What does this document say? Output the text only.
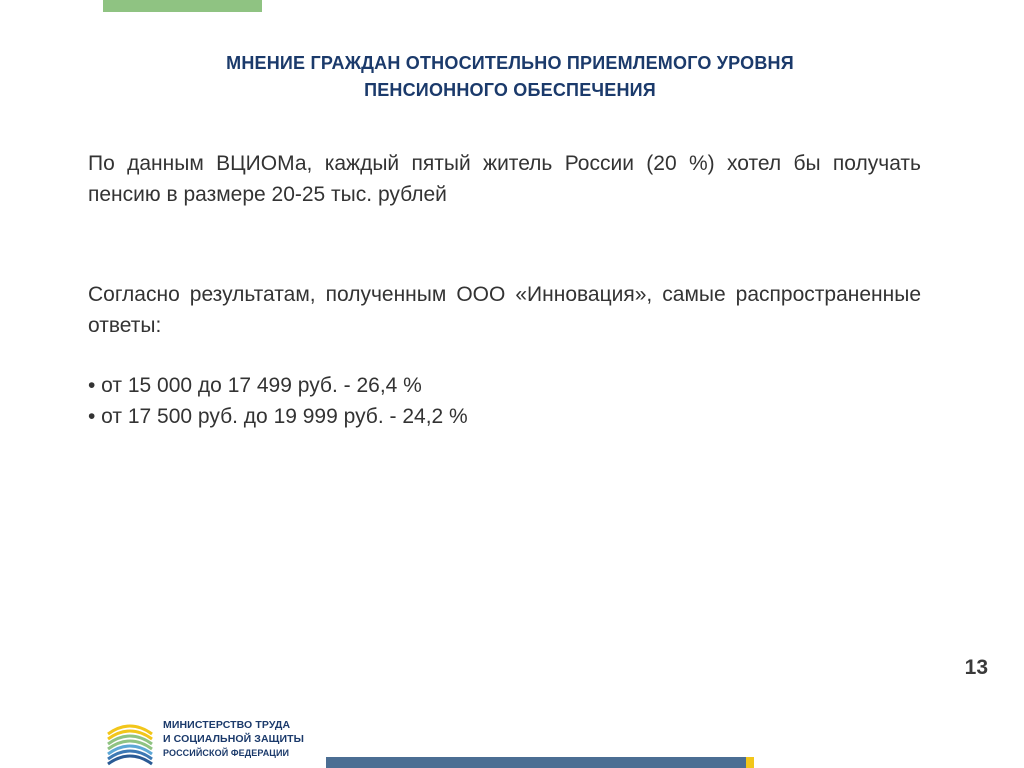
МНЕНИЕ ГРАЖДАН ОТНОСИТЕЛЬНО ПРИЕМЛЕМОГО УРОВНЯ
ПЕНСИОННОГО ОБЕСПЕЧЕНИЯ

По данным ВЦИОМа, каждый пятый житель России (20 %) хотел бы получать пенсию в размере 20-25 тыс. рублей

Согласно результатам, полученным ООО «Инновация», самые распространенные ответы:

• от 15 000 до 17 499 руб. - 26,4 %
• от 17 500 руб. до 19 999 руб. - 24,2 %
13
МИНИСТЕРСТВО ТРУДА
И СОЦИАЛЬНОЙ ЗАЩИТЫ
РОССИЙСКОЙ ФЕДЕРАЦИИ
